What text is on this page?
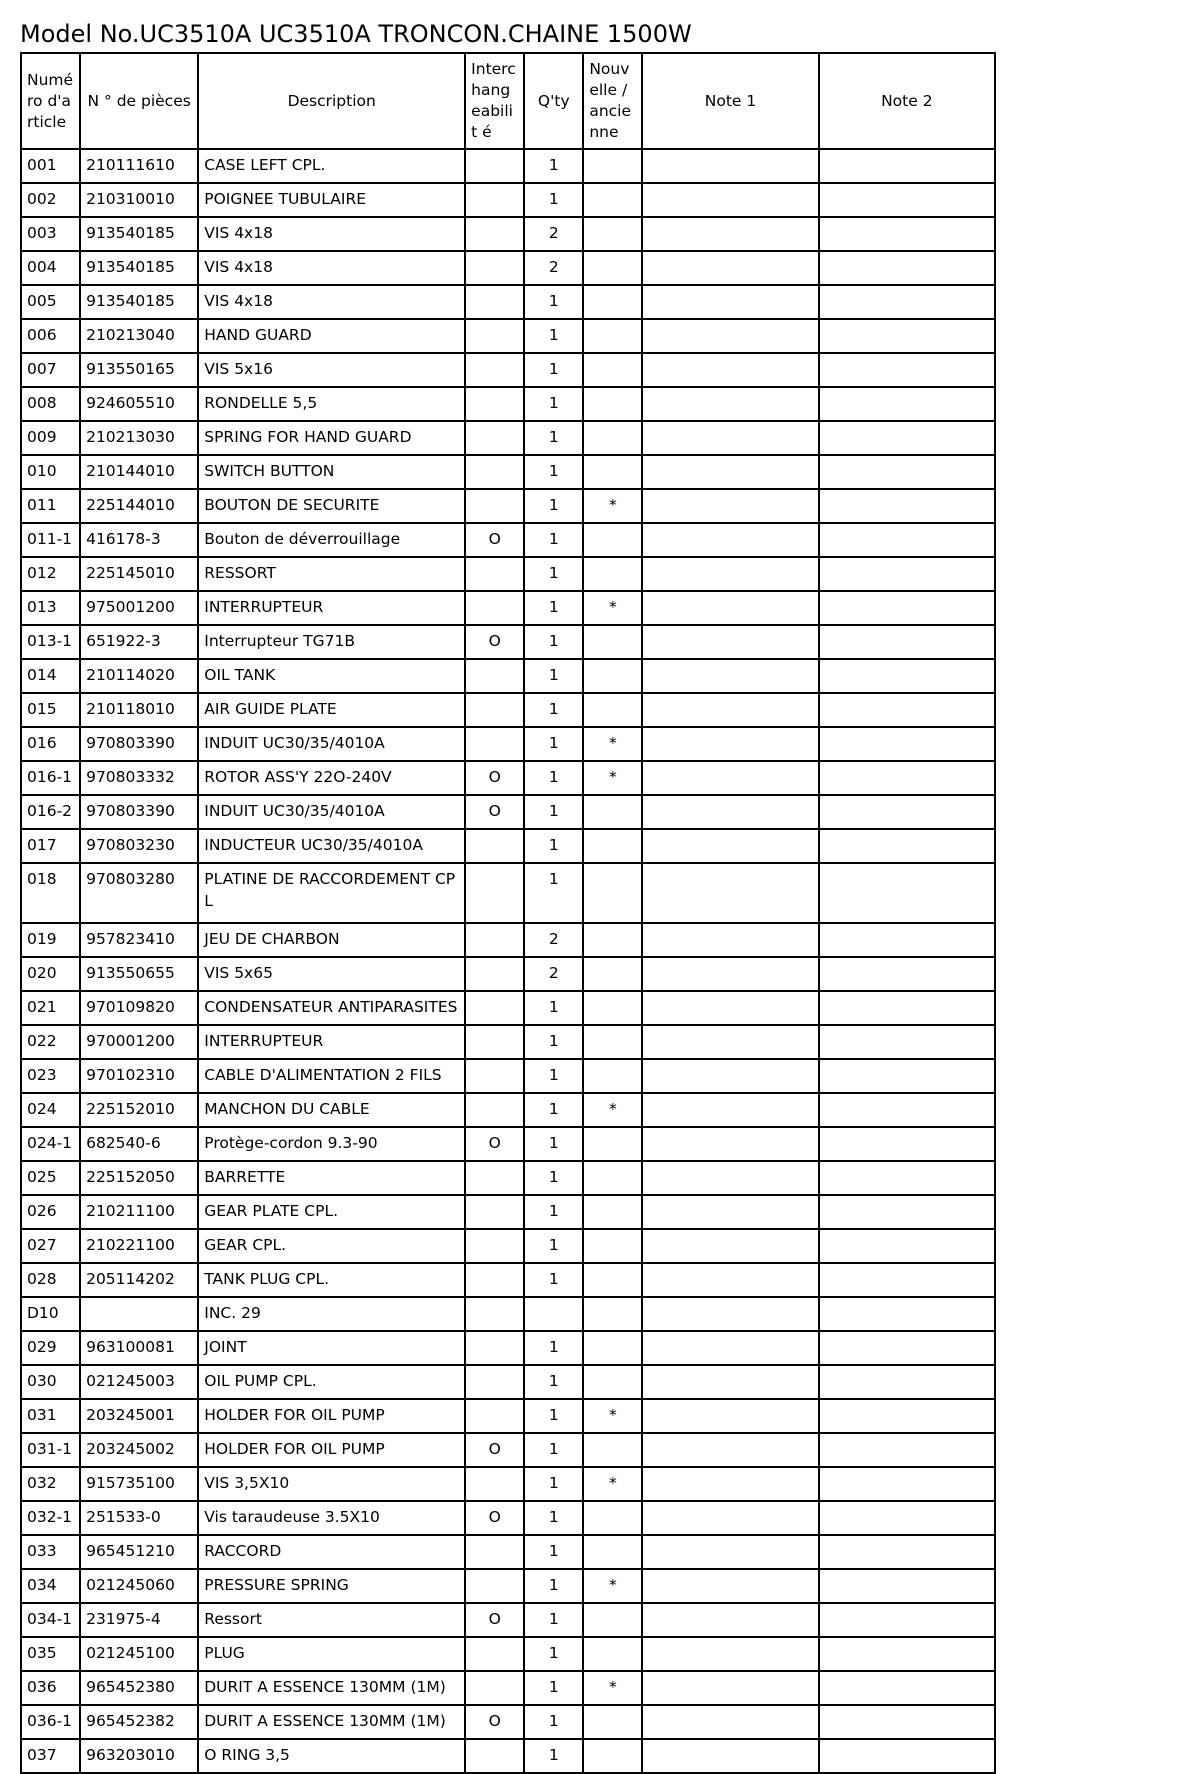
Model No.UC3510A UC3510A TRONCON.CHAINE 1500W
Numé ro d'a rticle	N ° de pièces	Description	Interc hang eabilit é	Q'ty	Nouv elle / ancie nne	Note 1	Note 2
001	210111610	CASE LEFT CPL.		1			
002	210310010	POIGNEE TUBULAIRE		1			
003	913540185	VIS 4x18		2			
004	913540185	VIS 4x18		2			
005	913540185	VIS 4x18		1			
006	210213040	HAND GUARD		1			
007	913550165	VIS 5x16		1			
008	924605510	RONDELLE 5,5		1			
009	210213030	SPRING FOR HAND GUARD		1			
010	210144010	SWITCH BUTTON		1			
011	225144010	BOUTON DE SECURITE		1	*		
011-1	416178-3	Bouton de déverrouillage	O	1			
012	225145010	RESSORT		1			
013	975001200	INTERRUPTEUR		1	*		
013-1	651922-3	Interrupteur TG71B	O	1			
014	210114020	OIL TANK		1			
015	210118010	AIR GUIDE PLATE		1			
016	970803390	INDUIT UC30/35/4010A		1	*		
016-1	970803332	ROTOR ASS'Y 22O-240V	O	1	*		
016-2	970803390	INDUIT UC30/35/4010A	O	1			
017	970803230	INDUCTEUR UC30/35/4010A		1			
018	970803280	PLATINE DE RACCORDEMENT CPL		1			
019	957823410	JEU DE CHARBON		2			
020	913550655	VIS 5x65		2			
021	970109820	CONDENSATEUR ANTIPARASITES		1			
022	970001200	INTERRUPTEUR		1			
023	970102310	CABLE D'ALIMENTATION 2 FILS		1			
024	225152010	MANCHON DU CABLE		1	*		
024-1	682540-6	Protège-cordon 9.3-90	O	1			
025	225152050	BARRETTE		1			
026	210211100	GEAR PLATE CPL.		1			
027	210221100	GEAR CPL.		1			
028	205114202	TANK PLUG CPL.		1			
D10		INC. 29					
029	963100081	JOINT		1			
030	021245003	OIL PUMP CPL.		1			
031	203245001	HOLDER FOR OIL PUMP		1	*		
031-1	203245002	HOLDER FOR OIL PUMP	O	1			
032	915735100	VIS 3,5X10		1	*		
032-1	251533-0	Vis taraudeuse 3.5X10	O	1			
033	965451210	RACCORD		1			
034	021245060	PRESSURE SPRING		1	*		
034-1	231975-4	Ressort	O	1			
035	021245100	PLUG		1			
036	965452380	DURIT A ESSENCE 130MM (1M)		1	*		
036-1	965452382	DURIT A ESSENCE 130MM (1M)	O	1			
037	963203010	O RING 3,5		1			
